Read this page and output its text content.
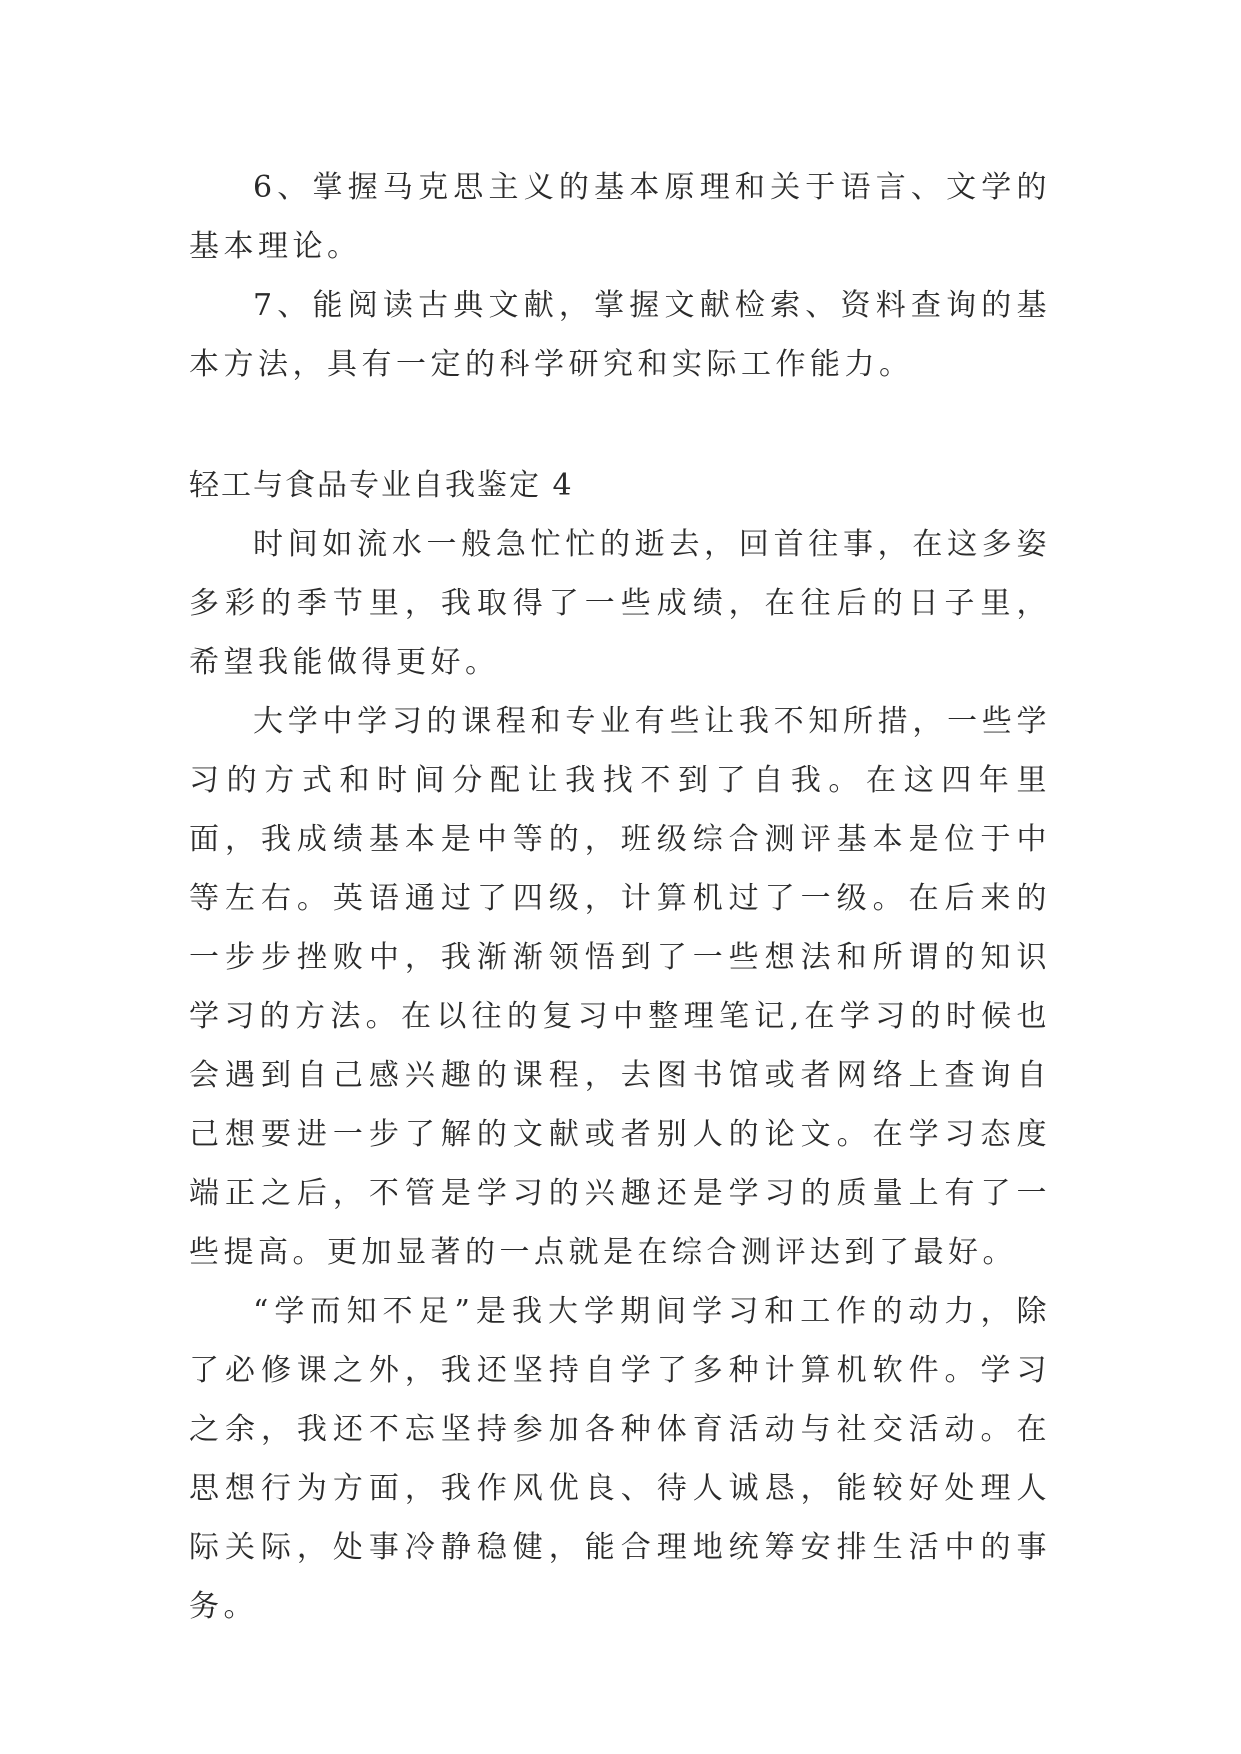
6、掌握马克思主义的基本原理和关于语言、文学的基本理论。

7、能阅读古典文献，掌握文献检索、资料查询的基本方法，具有一定的科学研究和实际工作能力。

轻工与食品专业自我鉴定 4

时间如流水一般急忙忙的逝去，回首往事，在这多姿多彩的季节里，我取得了一些成绩，在往后的日子里，希望我能做得更好。

大学中学习的课程和专业有些让我不知所措，一些学习的方式和时间分配让我找不到了自我。在这四年里面，我成绩基本是中等的，班级综合测评基本是位于中等左右。英语通过了四级，计算机过了一级。在后来的一步步挫败中，我渐渐领悟到了一些想法和所谓的知识学习的方法。在以往的复习中整理笔记,在学习的时候也会遇到自己感兴趣的课程，去图书馆或者网络上查询自己想要进一步了解的文献或者别人的论文。在学习态度端正之后，不管是学习的兴趣还是学习的质量上有了一些提高。更加显著的一点就是在综合测评达到了最好。

“学而知不足”是我大学期间学习和工作的动力，除了必修课之外，我还坚持自学了多种计算机软件。学习之余，我还不忘坚持参加各种体育活动与社交活动。在思想行为方面，我作风优良、待人诚恳，能较好处理人际关际，处事冷静稳健，能合理地统筹安排生活中的事务。
